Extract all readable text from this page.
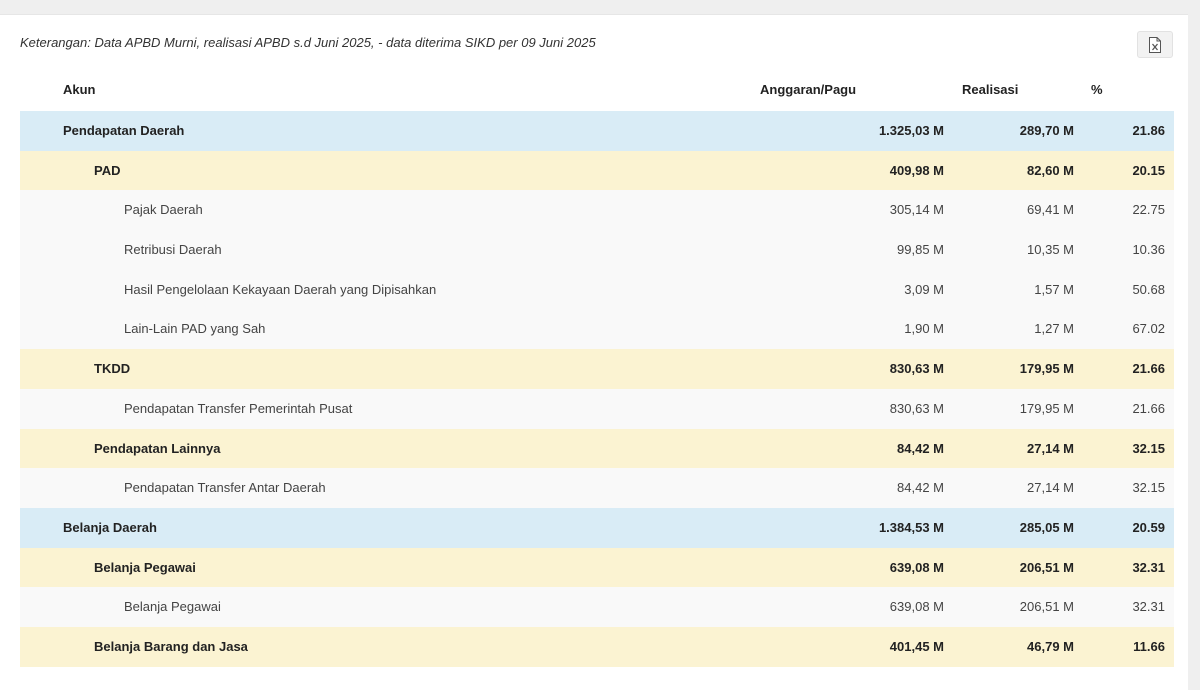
Keterangan: Data APBD Murni, realisasi APBD s.d Juni 2025, - data diterima SIKD per 09 Juni 2025
Akun	Anggaran/Pagu	Realisasi	%
Pendapatan Daerah	1.325,03 M	289,70 M	21.86
PAD	409,98 M	82,60 M	20.15
Pajak Daerah	305,14 M	69,41 M	22.75
Retribusi Daerah	99,85 M	10,35 M	10.36
Hasil Pengelolaan Kekayaan Daerah yang Dipisahkan	3,09 M	1,57 M	50.68
Lain-Lain PAD yang Sah	1,90 M	1,27 M	67.02
TKDD	830,63 M	179,95 M	21.66
Pendapatan Transfer Pemerintah Pusat	830,63 M	179,95 M	21.66
Pendapatan Lainnya	84,42 M	27,14 M	32.15
Pendapatan Transfer Antar Daerah	84,42 M	27,14 M	32.15
Belanja Daerah	1.384,53 M	285,05 M	20.59
Belanja Pegawai	639,08 M	206,51 M	32.31
Belanja Pegawai	639,08 M	206,51 M	32.31
Belanja Barang dan Jasa	401,45 M	46,79 M	11.66
